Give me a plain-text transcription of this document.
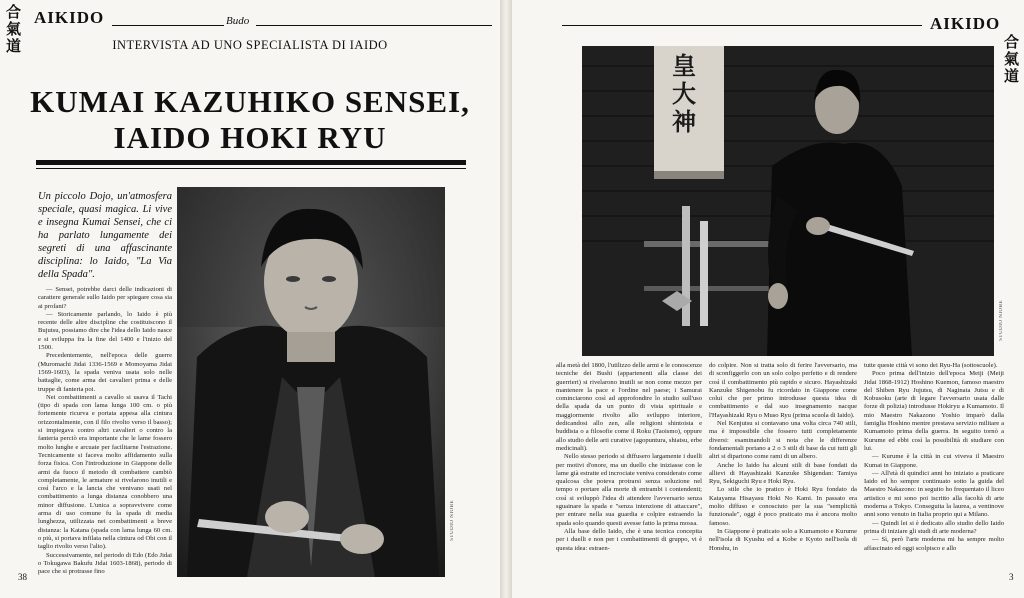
合
氣
道
AIKIDO	Budo
INTERVISTA AD UNO SPECIALISTA DI IAIDO
KUMAI KAZUHIKO SENSEI,
IAIDO HOKI RYU
Un piccolo Dojo, un'atmosfera speciale, quasi magica. Li vive e insegna Kumai Sensei, che ci ha parlato lungamente dei segreti di una affascinante disciplina: lo Iaido, "La Via della Spada".
STUDIO NIOBE

— Sensei, potrebbe darci delle indicazioni di carattere generale sullo Iaido per spiegare cosa sia ai profani?

— Storicamente parlando, lo Iaido è più recente delle altre discipline che costituiscono il Bujutsu, possiamo dire che l'idea dello Iaido nasce e si sviluppa fra la fine del 1400 e l'inizio del 1500.

Precedentemente, nell'epoca delle guerre (Muromachi Jidai 1336-1569 e Momoyama Jidai 1569-1603), la spada veniva usata solo nelle battaglie, come arma dei cavalieri prima e delle truppe di fanteria poi.

Nei combattimenti a cavallo si usava il Tachi (tipo di spada con lama lunga 100 cm. o più fortemente ricurva e portata appesa alla cintura orizzontalmente, con il filo rivolto verso il basso); si impiegava contro altri cavalieri o contro la fanteria perciò era importante che le lame fossero molto lunghe e arcuate per facilitarne l'estrazione. Tecnicamente si faceva molto affidamento sulla forza fisica. Con l'introduzione in Giappone delle armi da fuoco il metodo di combattere cambiò completamente, le armature si rivelarono inutili e così l'arco e la lancia che venivano usati nel combattimento a lunga distanza conobbero una minor diffusione. L'unica a sopravvivere come arma di uso comune fu la spada di media lunghezza, utilizzata nei combattimenti a breve distanza: la Katana (spada con lama lunga 60 cm. o più, si portava infilata nella cintura od Obi con il taglio rivolto verso l'alto).

Successivamente, nel periodo di Edo (Edo Jidai o Tokugawa Bakufu Jidai 1603-1868), periodo di pace che si protrasse fino

38
AIKIDO
合
氣
道
皇
大
神
STUDIO NIOBE

alla metà del 1800, l'utilizzo delle armi e le conoscenze tecniche dei Bushi (appartenenti alla classe dei guerrieri) si rivelarono inutili se non come mezzo per mantenere la pace e l'ordine nel paese; i Samurai cominciarono così ad approfondire lo studio sull'uso della spada da un punto di vista spirituale e maggiormente rivolto allo sviluppo interiore, dedicandosi allo zen, alle religioni shintoista e buddista o a filosofie come il Roku (Taoismo), oppure allo studio delle arti curative (agopuntura, shiatsu, erbe medicinali).

Nello stesso periodo si diffusero largamente i duelli per motivi d'onore, ma un duello che iniziasse con le lame già estratte ed incrociate veniva considerato come qualcosa che poteva protrarsi senza soluzione nel tempo o portare alla morte di entrambi i contendenti; così si sviluppò l'idea di attendere l'avversario senza sguainare la spada e "senza intenzione di attaccare", per entrare nella sua guardia e colpire estraendo la spada solo quando questi avesse fatto la prima mossa.

Alla base dello Iaido, che è una tecnica concepita per i duelli e non per i combattimenti di gruppo, vi è questa idea: estraen-

do colpire. Non si tratta solo di ferire l'avversario, ma di sconfiggerlo con un solo colpo perfetto e di rendere così il combattimento più rapido e sicuro. Hayashizaki Kanzuke Shigenobu fu ricordato in Giappone come colui che per primo introdusse questa idea di combattimento e dal suo insegnamento nacque l'Hayashizaki Ryu o Muso Ryu (prima scuola di Iaido).

Nel Kenjutsu si contavano una volta circa 740 stili, ma è impossibile che fossero tutti completamente diversi: esaminandoli si nota che le differenze fondamentali portano a 2 o 3 stili di base da cui tutti gli altri si dipartono come rami di un albero.

Anche lo Iaido ha alcuni stili di base fondati da allievi di Hayashizaki Kanzuke Shigendan: Tamiya Ryu, Sekiguchi Ryu e Hoki Ryu.

Lo stile che io pratico è Hoki Ryu fondato da Katayama Hisayasu Hoki No Kami. In passato era molto diffuso e conosciuto per la sua "semplicità funzionale", oggi è poco praticato ma è ancora molto famoso.

In Giappone è praticato solo a Kumamoto e Kurume nell'isola di Kyushu ed a Kobe e Kyoto nell'isola di Honshu, in

tutte queste città vi sono dei Ryu-Ha (sottoscuole).

Poco prima dell'inizio dell'epoca Meiji (Meiji Jidai 1868-1912) Hoshino Kuemon, famoso maestro del Shiben Ryu Jujutsu, di Naginata Jutsu e di Kobusoku (arte di legare l'avversario usata dalle forze di polizia) introdusse Hokiryu a Kumamoto. Il mio Maestro Nakazono Yoshio imparò dalla famiglia Hoshino mentre prestava servizio militare a Kumamoto prima della guerra. In seguito tornò a Kurume ed ebbi così la possibilità di studiare con lui.

— Kurume è la città in cui viveva il Maestro Kumai in Giappone.

— All'età di quindici anni ho iniziato a praticare Iaido ed ho sempre continuato sotto la guida del Maestro Nakazono: in seguito ho frequentato il liceo artistico e mi sono poi iscritto alla facoltà di arte moderna a Tokyo. Conseguita la laurea, a ventinove anni sono venuto in Italia proprio qui a Milano.

— Quindi lei si è dedicato allo studio dello Iaido prima di iniziare gli studi di arte moderna?

— Sì, però l'arte moderna mi ha sempre molto affascinato ed oggi scolpisco e allo

3
